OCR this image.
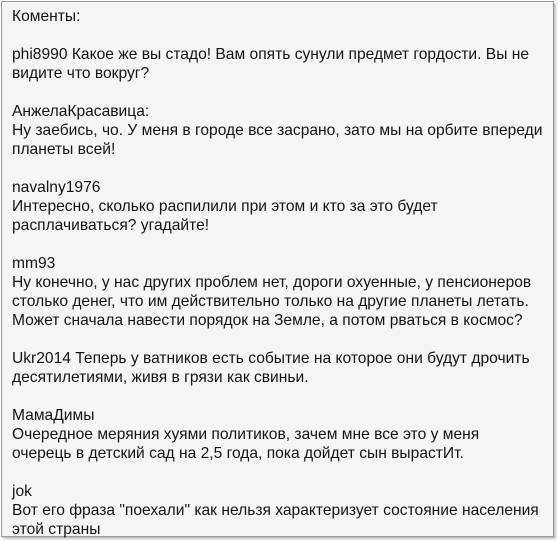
Коменты:
phi8990 Какое же вы стадо! Вам опять сунули предмет гордости. Вы не видите что вокруг?
АнжелаКрасавица:
Ну заебись, чо. У меня в городе все засрано, зато мы на орбите впереди планеты всей!
navalny1976
Интересно, сколько распилили при этом и кто за это будет расплачиваться? угадайте!
mm93
Ну конечно, у нас других проблем нет, дороги охуенные, у пенсионеров столько денег, что им действительно только на другие планеты летать. Может сначала навести порядок на Земле, а потом рваться в космос?
Ukr2014 Теперь у ватников есть событие на которое они будут дрочить десятилетиями, живя в грязи как свиньи.
МамаДимы
Очередное меряния хуями политиков, зачем мне все это у меня очерець в детский сад на 2,5 года, пока дойдет сын вырастИт.
jok
Вот его фраза "поехали" как нельзя характеризует состояние населения этой страны
